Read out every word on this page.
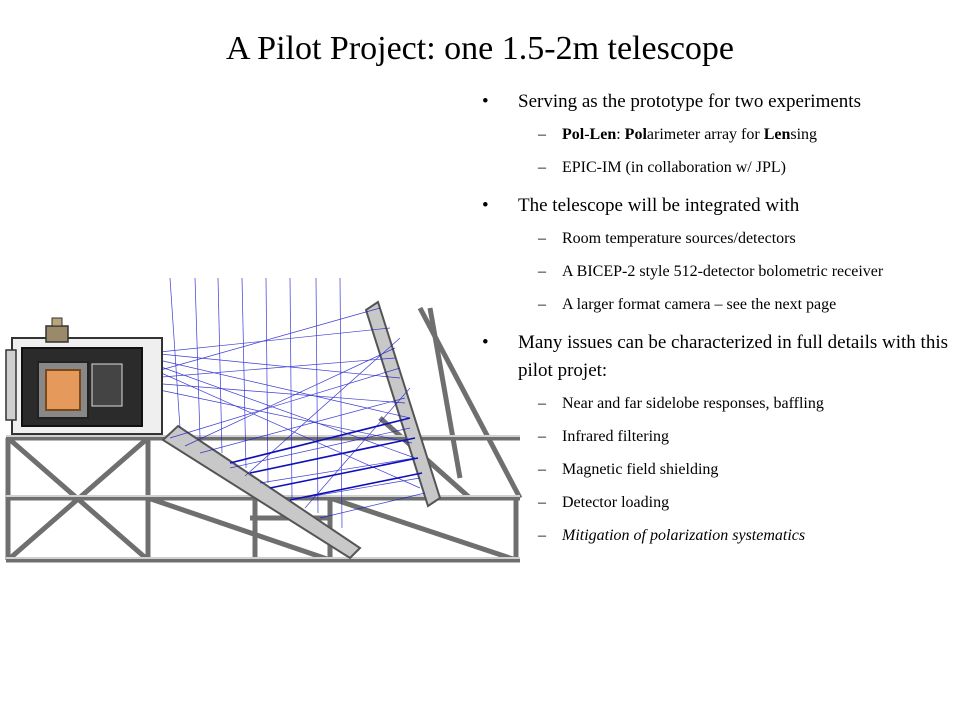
A Pilot Project: one 1.5-2m telescope
• Serving as the prototype for two experiments
– Pol-Len: Polarimeter array for Lensing
– EPIC-IM (in collaboration w/ JPL)
• The telescope will be integrated with
– Room temperature sources/detectors
– A BICEP-2 style 512-detector bolometric receiver
– A larger format camera – see the next page
• Many issues can be characterized in full details with this pilot projet:
– Near and far sidelobe responses, baffling
– Infrared filtering
– Magnetic field shielding
– Detector loading
– Mitigation of polarization systematics
